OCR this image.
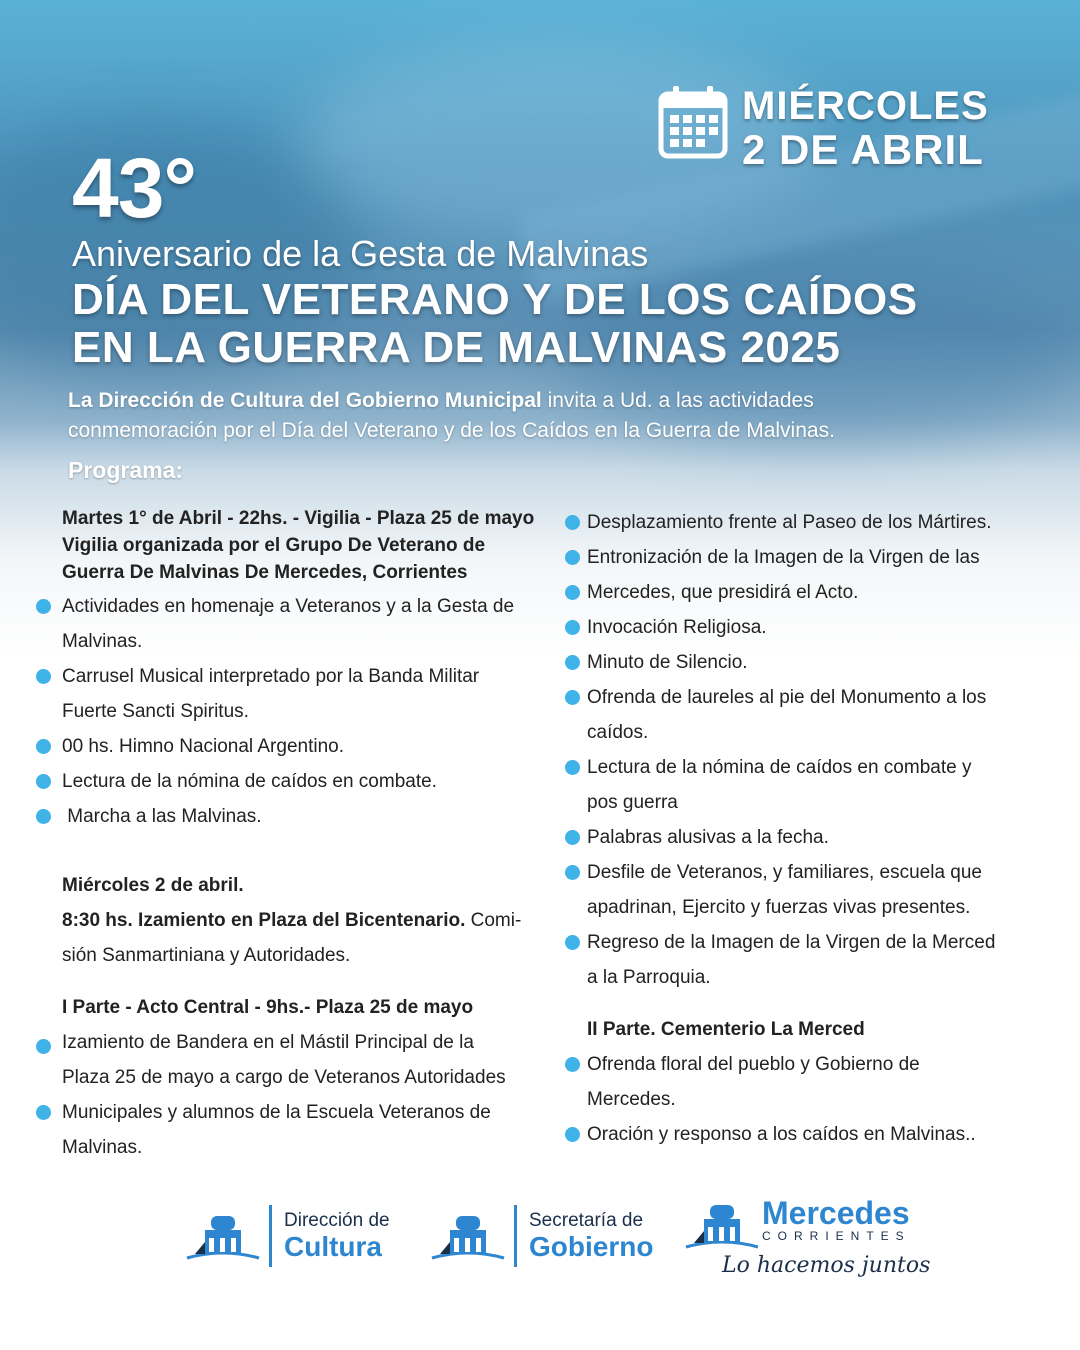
MIÉRCOLES
2 DE ABRIL
43°
Aniversario de la Gesta de Malvinas
DÍA DEL VETERANO Y DE LOS CAÍDOS
EN LA GUERRA DE MALVINAS 2025
La Dirección de Cultura del Gobierno Municipal invita a Ud. a las actividades
conmemoración por el Día del Veterano y de los Caídos en la Guerra de Malvinas.
Programa:
Martes 1° de Abril - 22hs. - Vigilia - Plaza 25 de mayo
Vigilia organizada por el Grupo De Veterano de
Guerra De Malvinas De Mercedes, Corrientes
Actividades en homenaje a Veteranos y a la Gesta de
Malvinas.
Carrusel Musical interpretado por la Banda Militar
Fuerte Sancti Spiritus.
00 hs. Himno Nacional Argentino.
Lectura de la nómina de caídos en combate.
Marcha a las Malvinas.
Miércoles 2 de abril.
8:30 hs. Izamiento en Plaza del Bicentenario. Comi-
sión Sanmartiniana y Autoridades.
I Parte - Acto Central - 9hs.- Plaza 25 de mayo
Izamiento de Bandera en el Mástil Principal de la
Plaza 25 de mayo a cargo de Veteranos Autoridades
Municipales y alumnos de la Escuela Veteranos de
Malvinas.
Desplazamiento frente al Paseo de los Mártires.
Entronización de la Imagen de la Virgen de las
Mercedes, que presidirá el Acto.
Invocación Religiosa.
Minuto de Silencio.
Ofrenda de laureles al pie del Monumento a los
caídos.
Lectura de la nómina de caídos en combate y
pos guerra
Palabras alusivas a la fecha.
Desfile de Veteranos, y familiares, escuela que
apadrinan, Ejercito y fuerzas vivas presentes.
Regreso de la Imagen de la Virgen de la Merced
a la Parroquia.
II Parte. Cementerio La Merced
Ofrenda floral del pueblo y Gobierno de
Mercedes.
Oración y responso a los caídos en Malvinas..
Dirección de
Cultura
Secretaría de
Gobierno
Mercedes
CORRIENTES
Lo hacemos juntos
